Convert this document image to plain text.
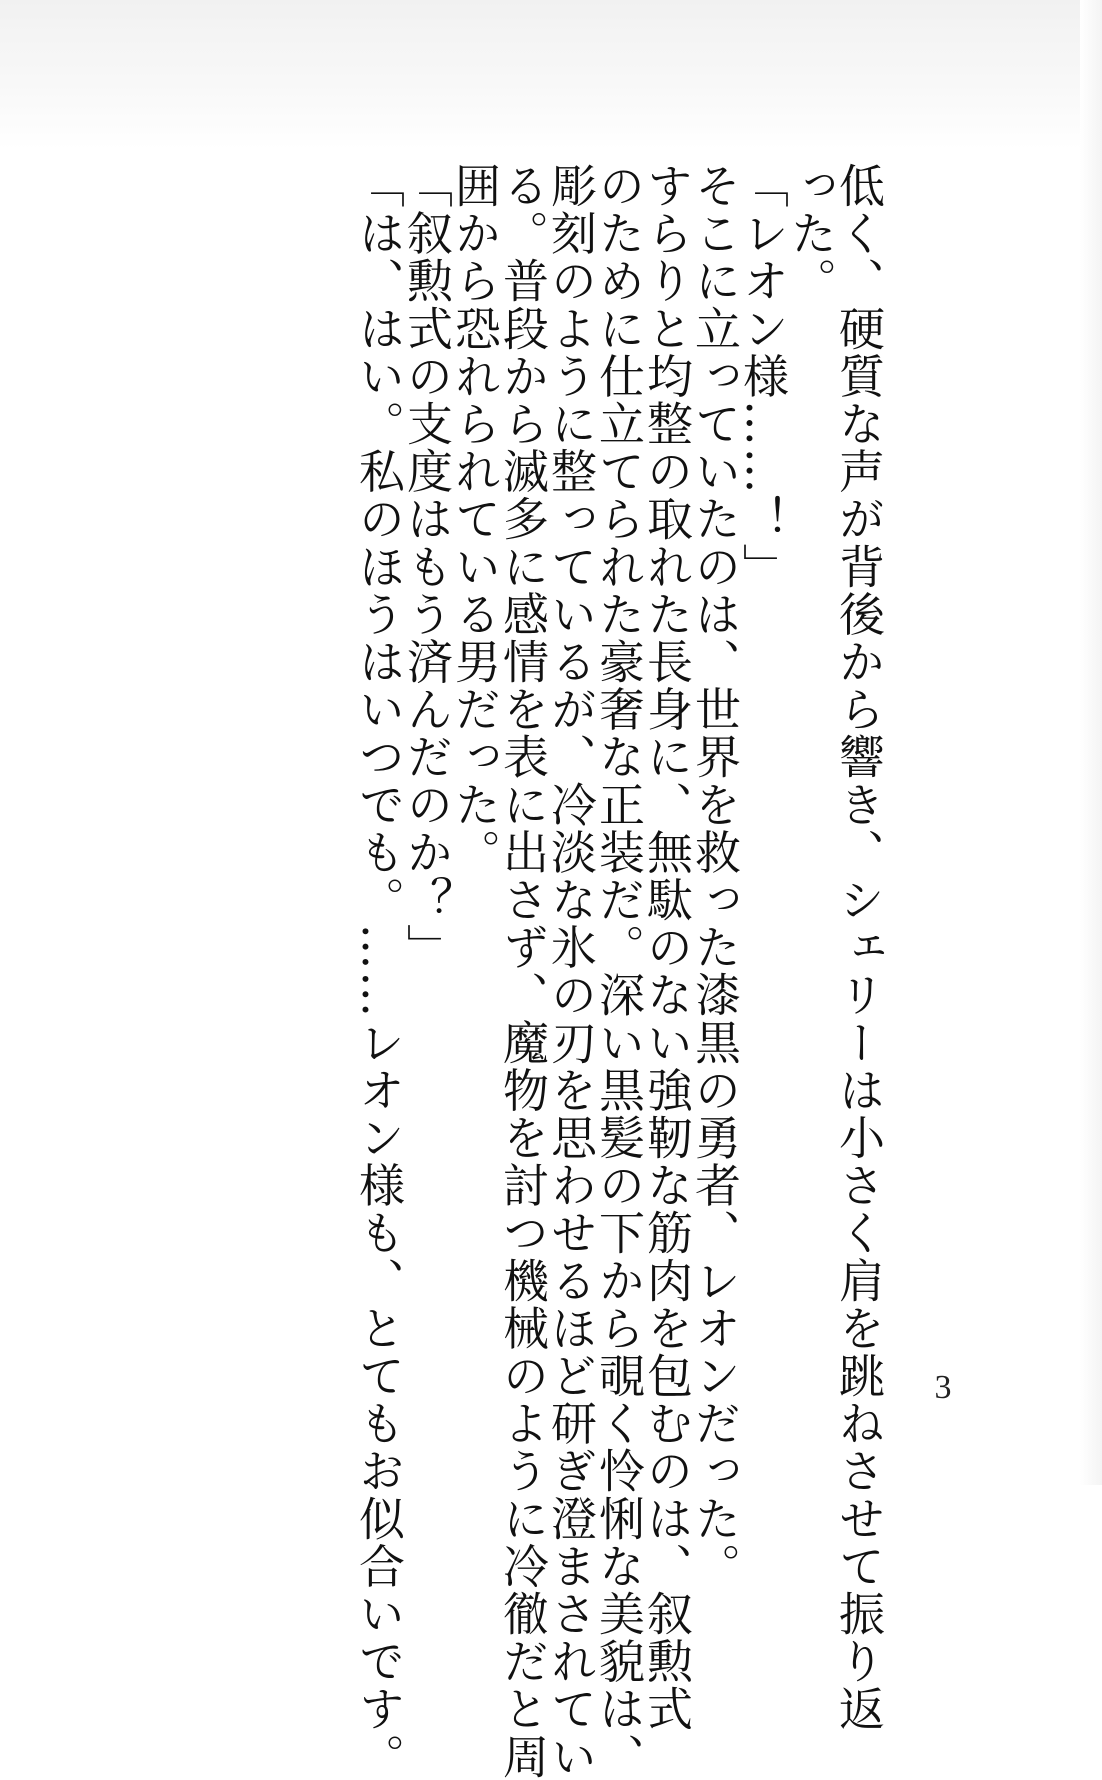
低く、硬質な声が背後から響き、シェリーは小さく肩を跳ねさせて振り返
った。
「レオン様……！」
そこに立っていたのは、世界を救った漆黒の勇者、レオンだった。
すらりと均整の取れた長身に、無駄のない強靭な筋肉を包むのは、叙勲式
のために仕立てられた豪奢な正装だ。深い黒髪の下から覗く怜悧な美貌は、
彫刻のように整っているが、冷淡な氷の刃を思わせるほど研ぎ澄まされてい
る。普段から滅多に感情を表に出さず、魔物を討つ機械のように冷徹だと周
囲から恐れられている男だった。
「叙勲式の支度はもう済んだのか？」
「は、はい。私のほうはいつでも。……レオン様も、とてもお似合いです。	3
